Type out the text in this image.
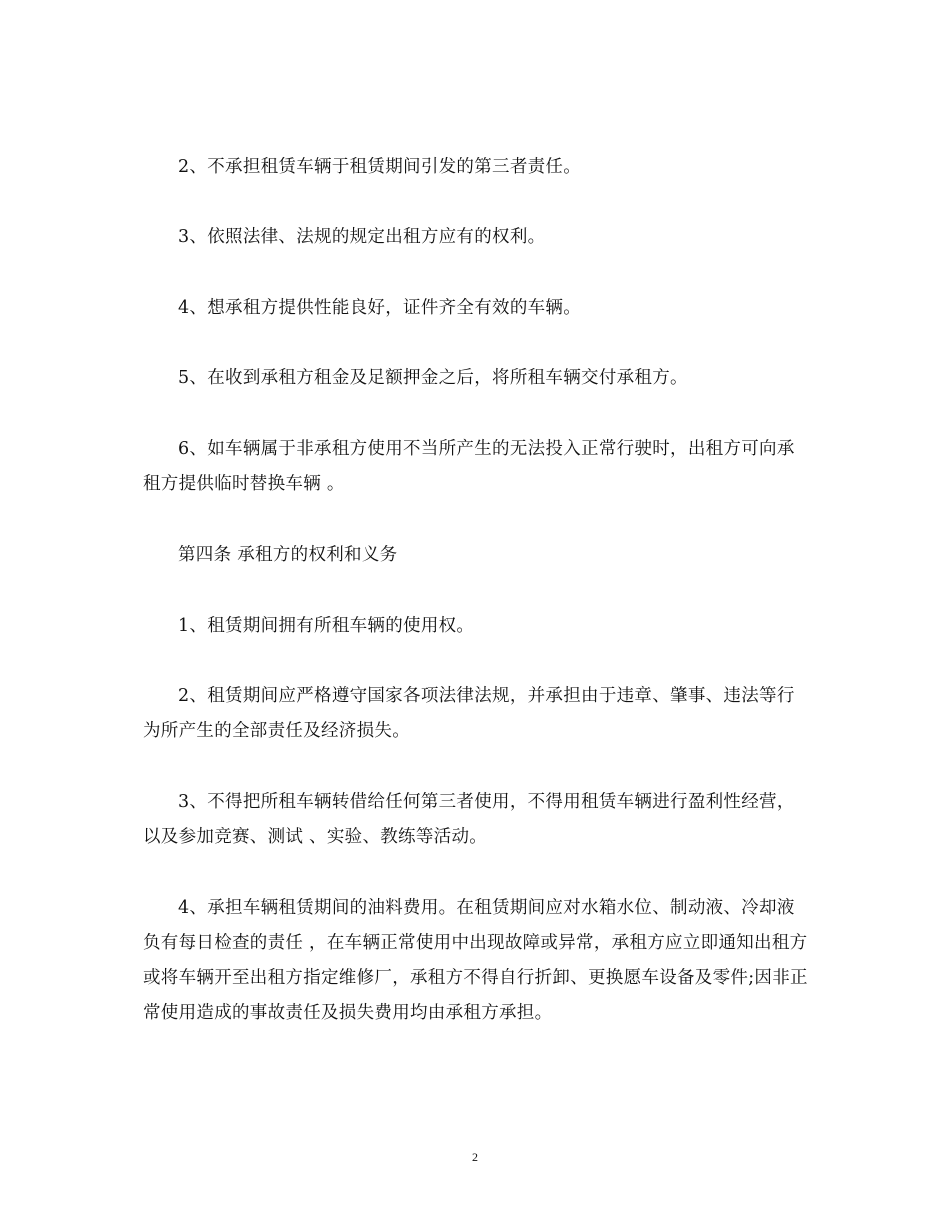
2、不承担租赁车辆于租赁期间引发的第三者责任。

3、依照法律、法规的规定出租方应有的权利。

4、想承租方提供性能良好，证件齐全有效的车辆。

5、在收到承租方租金及足额押金之后，将所租车辆交付承租方。

6、如车辆属于非承租方使用不当所产生的无法投入正常行驶时，出租方可向承租方提供临时替换车辆 。

第四条 承租方的权利和义务

1、租赁期间拥有所租车辆的使用权。

2、租赁期间应严格遵守国家各项法律法规，并承担由于违章、肇事、违法等行为所产生的全部责任及经济损失。

3、不得把所租车辆转借给任何第三者使用，不得用租赁车辆进行盈利性经营，以及参加竞赛、测试 、实验、教练等活动。

4、承担车辆租赁期间的油料费用。在租赁期间应对水箱水位、制动液、冷却液负有每日检查的责任 ，在车辆正常使用中出现故障或异常，承租方应立即通知出租方或将车辆开至出租方指定维修厂，承租方不得自行折卸、更换愿车设备及零件;因非正常使用造成的事故责任及损失费用均由承租方承担。

2
